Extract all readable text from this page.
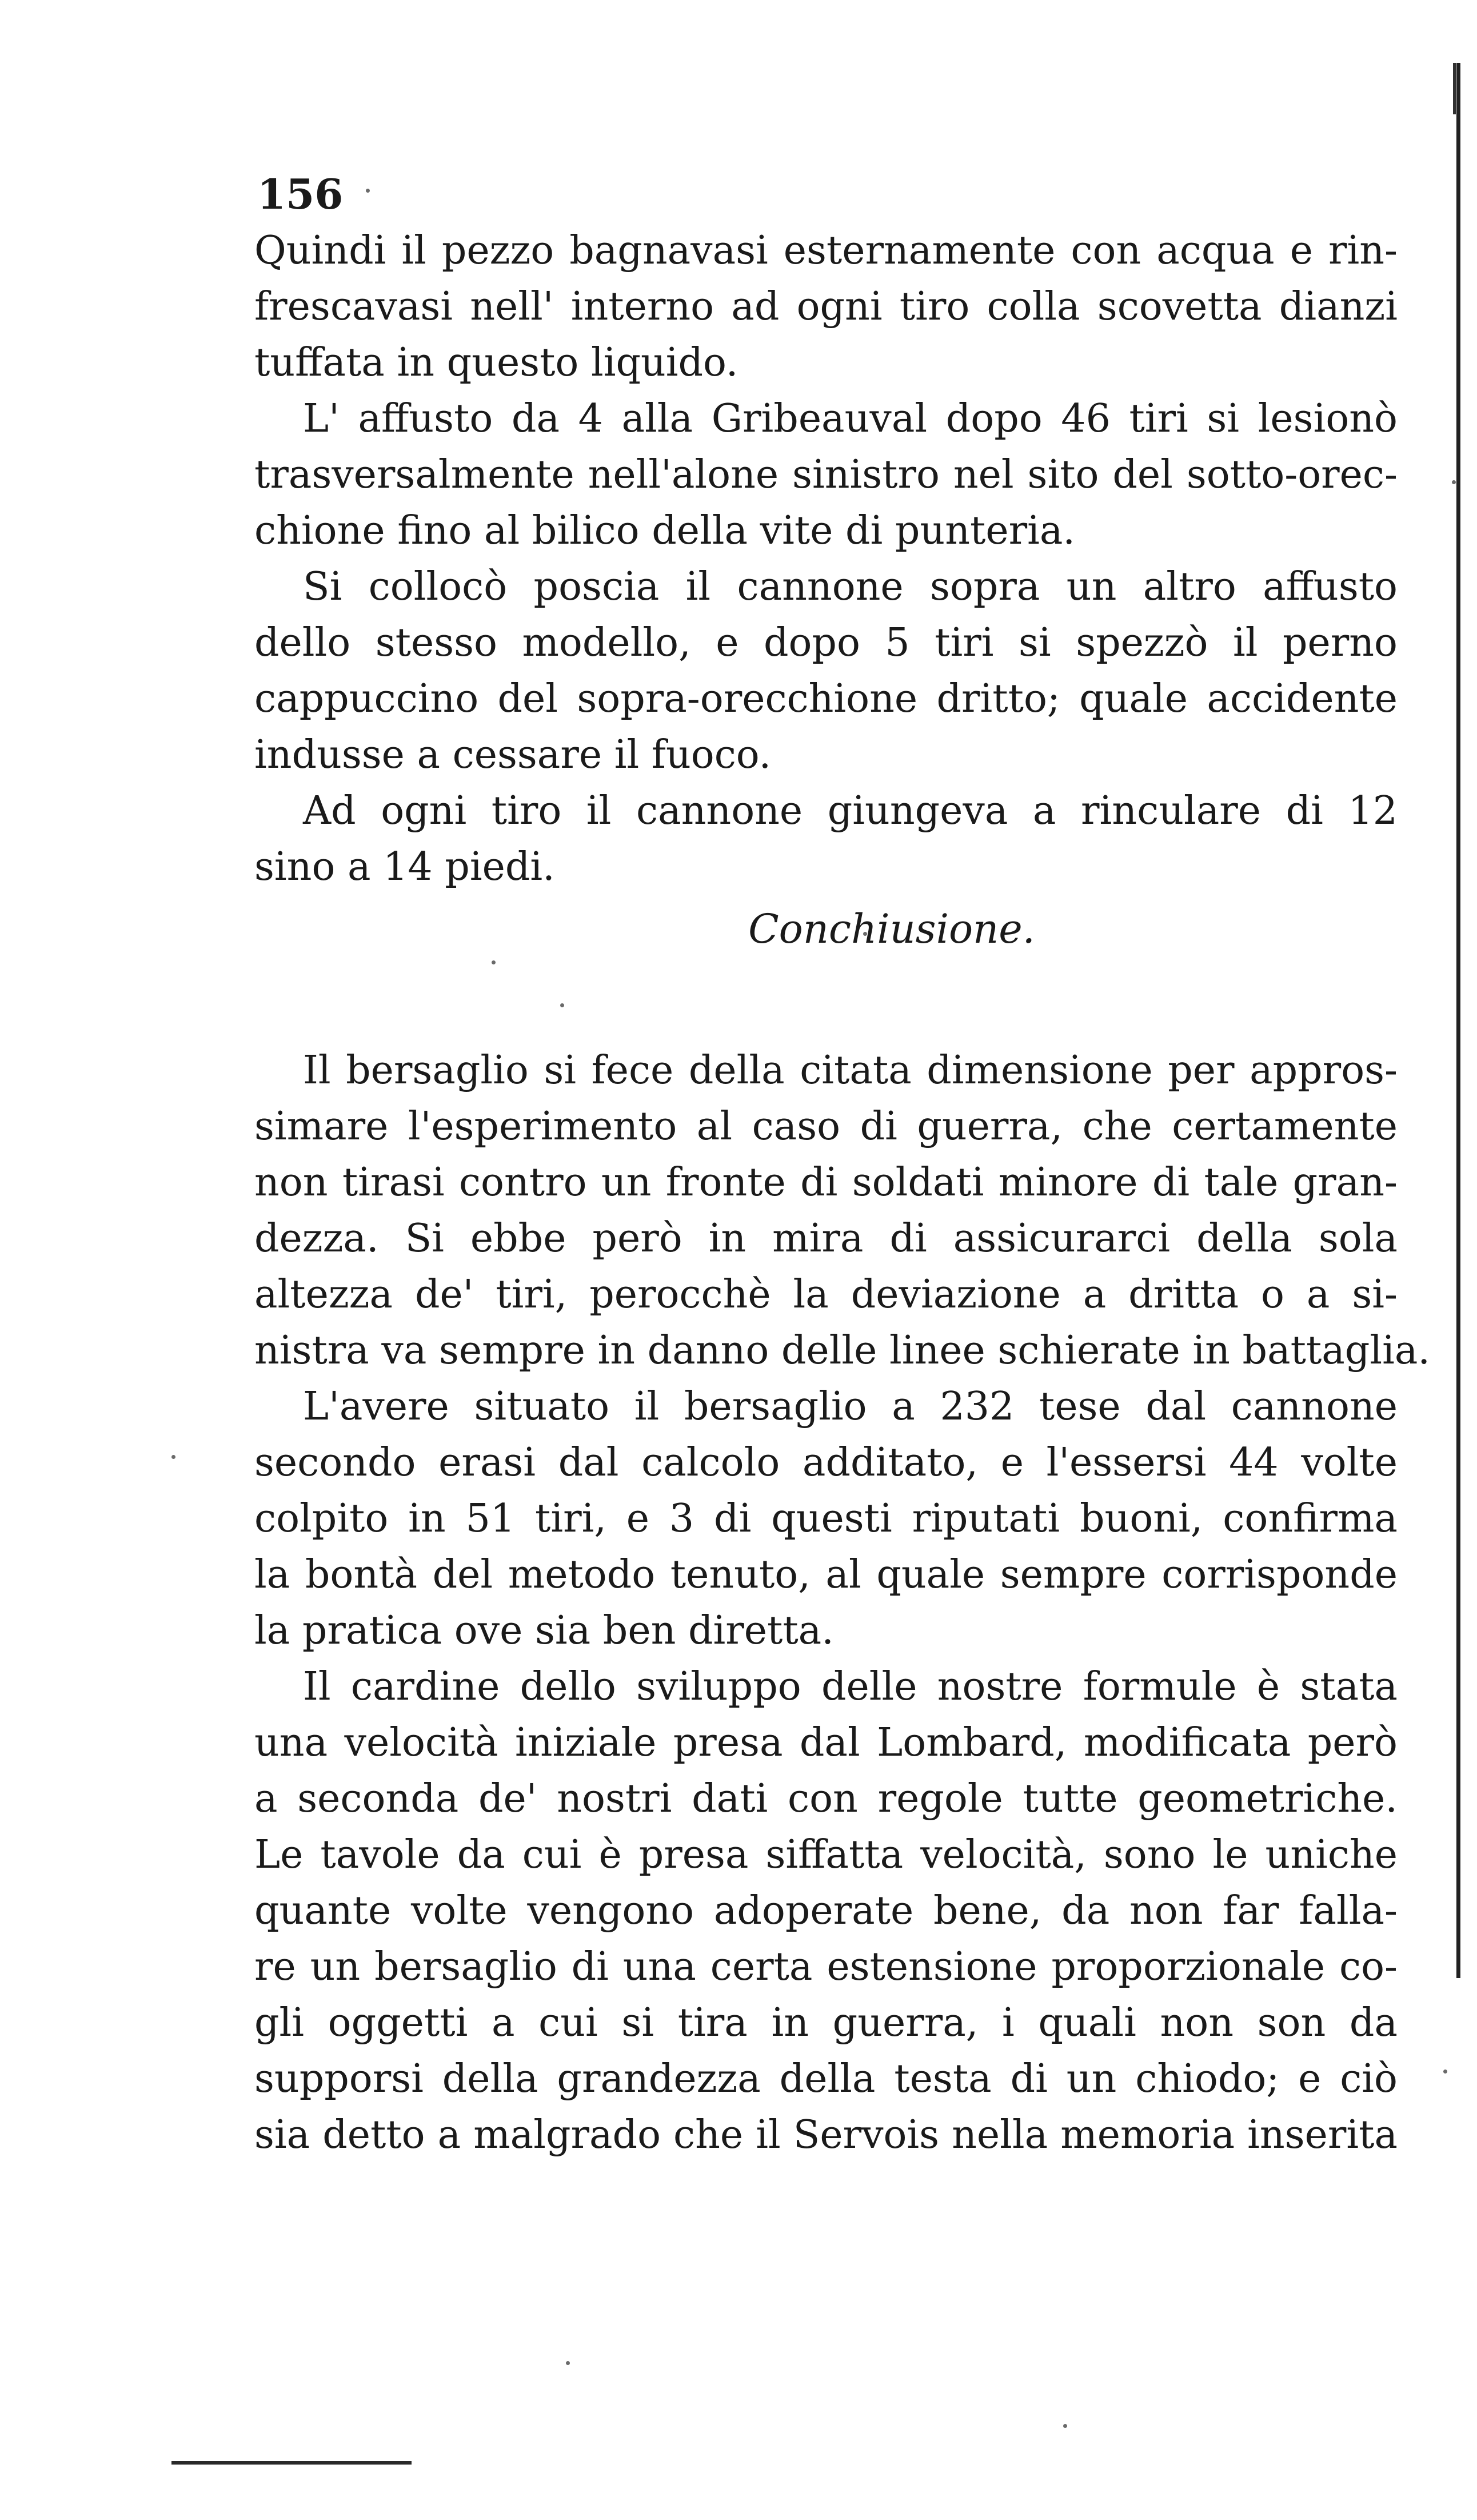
156
Quindi il pezzo bagnavasi esternamente con acqua e rin-
frescavasi nell' interno ad ogni tiro colla scovetta dianzi
tuffata in questo liquido.
L' affusto da 4 alla Gribeauval dopo 46 tiri si lesionò
trasversalmente nell'alone sinistro nel sito del sotto-orec-
chione fino al bilico della vite di punteria.
Si collocò poscia il cannone sopra un altro affusto
dello stesso modello, e dopo 5 tiri si spezzò il perno
cappuccino del sopra-orecchione dritto; quale accidente
indusse a cessare il fuoco.
Ad ogni tiro il cannone giungeva a rinculare di 12
sino a 14 piedi.
Conchiusione.
Il bersaglio si fece della citata dimensione per appros-
simare l'esperimento al caso di guerra, che certamente
non tirasi contro un fronte di soldati minore di tale gran-
dezza. Si ebbe però in mira di assicurarci della sola
altezza de' tiri, perocchè la deviazione a dritta o a si-
nistra va sempre in danno delle linee schierate in battaglia.
L'avere situato il bersaglio a 232 tese dal cannone
secondo erasi dal calcolo additato, e l'essersi 44 volte
colpito in 51 tiri, e 3 di questi riputati buoni, confirma
la bontà del metodo tenuto, al quale sempre corrisponde
la pratica ove sia ben diretta.
Il cardine dello sviluppo delle nostre formule è stata
una velocità iniziale presa dal Lombard, modificata però
a seconda de' nostri dati con regole tutte geometriche.
Le tavole da cui è presa siffatta velocità, sono le uniche
quante volte vengono adoperate bene, da non far falla-
re un bersaglio di una certa estensione proporzionale co-
gli oggetti a cui si tira in guerra, i quali non son da
supporsi della grandezza della testa di un chiodo; e ciò
sia detto a malgrado che il Servois nella memoria inserita
